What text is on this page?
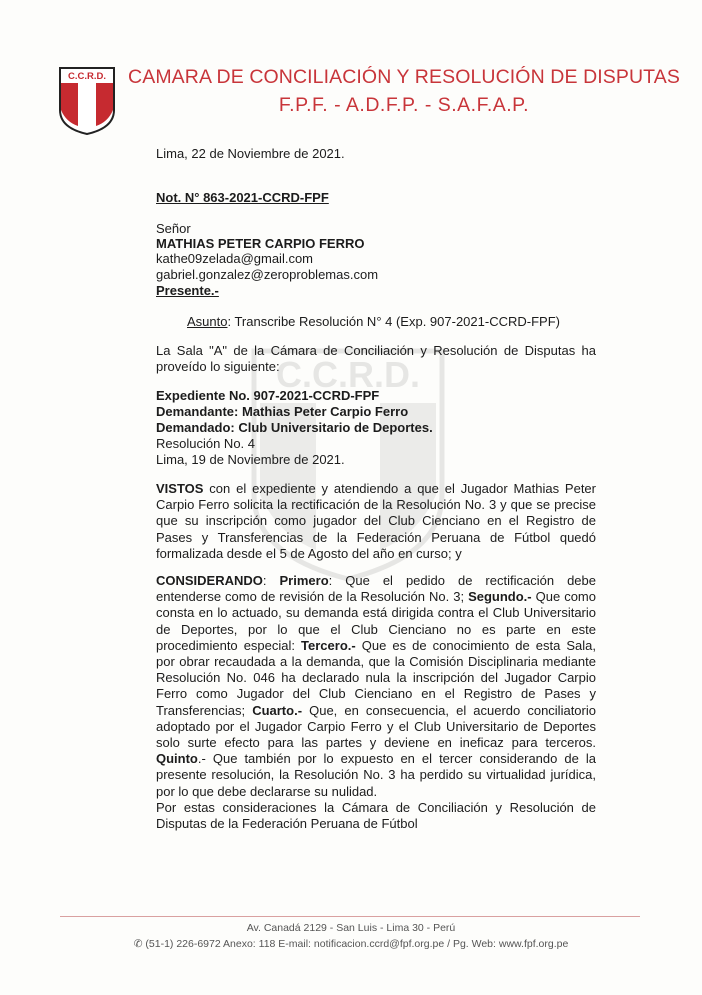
C.C.R.D. CAMARA DE CONCILIACIÓN Y RESOLUCIÓN DE DISPUTAS
F.P.F. - A.D.F.P. - S.A.F.A.P.
C.C.R.D.
Lima, 22 de Noviembre de 2021.
Not. N° 863-2021-CCRD-FPF
Señor
MATHIAS PETER CARPIO FERRO
kathe09zelada@gmail.com
gabriel.gonzalez@zeroproblemas.com
Presente.-
Asunto: Transcribe Resolución N° 4 (Exp. 907-2021-CCRD-FPF)
La Sala "A" de la Cámara de Conciliación y Resolución de Disputas ha proveído lo siguiente:
Expediente No. 907-2021-CCRD-FPF
Demandante: Mathias Peter Carpio Ferro
Demandado: Club Universitario de Deportes.
Resolución No. 4
Lima, 19 de Noviembre de 2021.
VISTOS con el expediente y atendiendo a que el Jugador Mathias Peter Carpio Ferro solicita la rectificación de la Resolución No. 3 y que se precise que su inscripción como jugador del Club Cienciano en el Registro de Pases y Transferencias de la Federación Peruana de Fútbol quedó formalizada desde el 5 de Agosto del año en curso; y
CONSIDERANDO: Primero: Que el pedido de rectificación debe entenderse como de revisión de la Resolución No. 3; Segundo.- Que como consta en lo actuado, su demanda está dirigida contra el Club Universitario de Deportes, por lo que el Club Cienciano no es parte en este procedimiento especial: Tercero.- Que es de conocimiento de esta Sala, por obrar recaudada a la demanda, que la Comisión Disciplinaria mediante Resolución No. 046 ha declarado nula la inscripción del Jugador Carpio Ferro como Jugador del Club Cienciano en el Registro de Pases y Transferencias; Cuarto.- Que, en consecuencia, el acuerdo conciliatorio adoptado por el Jugador Carpio Ferro y el Club Universitario de Deportes solo surte efecto para las partes y deviene en ineficaz para terceros. Quinto.- Que también por lo expuesto en el tercer considerando de la presente resolución, la Resolución No. 3 ha perdido su virtualidad jurídica, por lo que debe declararse su nulidad.
Por estas consideraciones la Cámara de Conciliación y Resolución de Disputas de la Federación Peruana de Fútbol
Av. Canadá 2129 - San Luis - Lima 30 - Perú
✆ (51-1) 226-6972 Anexo: 118 E-mail: notificacion.ccrd@fpf.org.pe / Pg. Web: www.fpf.org.pe
